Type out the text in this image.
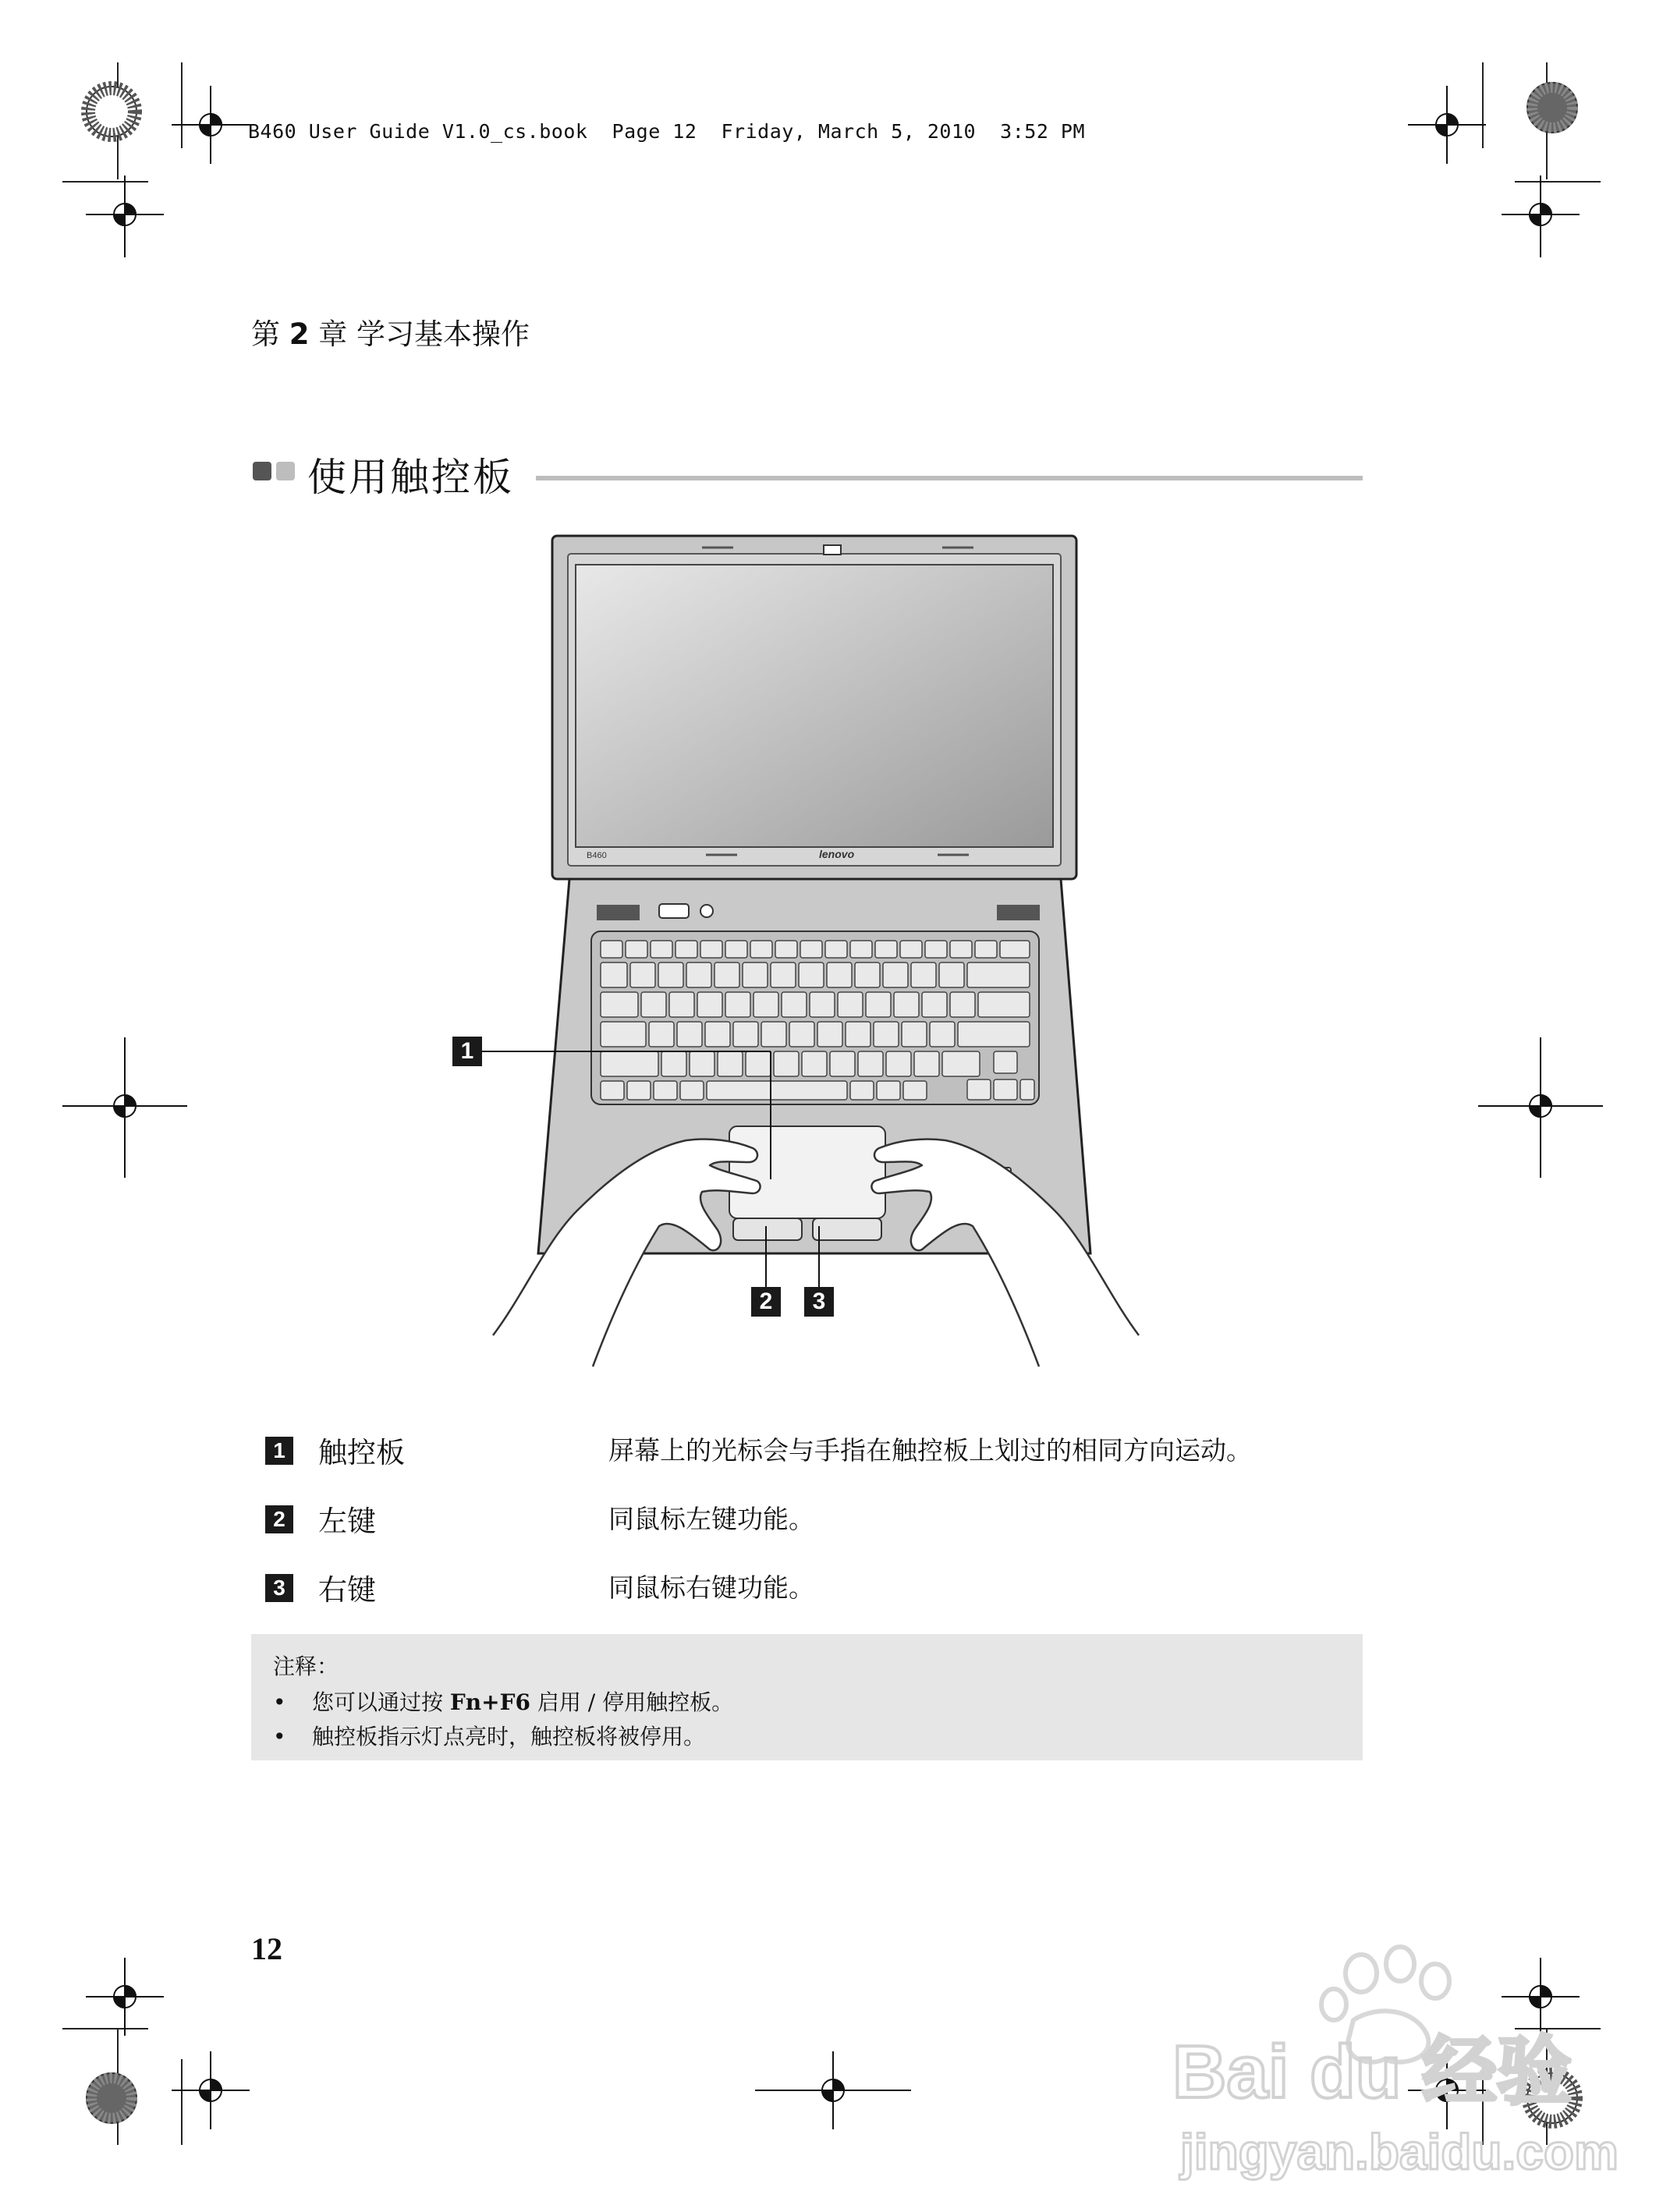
B460 User Guide V1.0_cs.book  Page 12  Friday, March 5, 2010  3:52 PM
第 2 章 学习基本操作
使用触控板
B460	lenovo
1
2	3
1 触控板	屏幕上的光标会与手指在触控板上划过的相同方向运动。
2 左键	同鼠标左键功能。
3 右键	同鼠标右键功能。
注释：
• 您可以通过按 Fn+F6 启用 / 停用触控板。
• 触控板指示灯点亮时，触控板将被停用。
12
Bai du 经验
jingyan.baidu.com
